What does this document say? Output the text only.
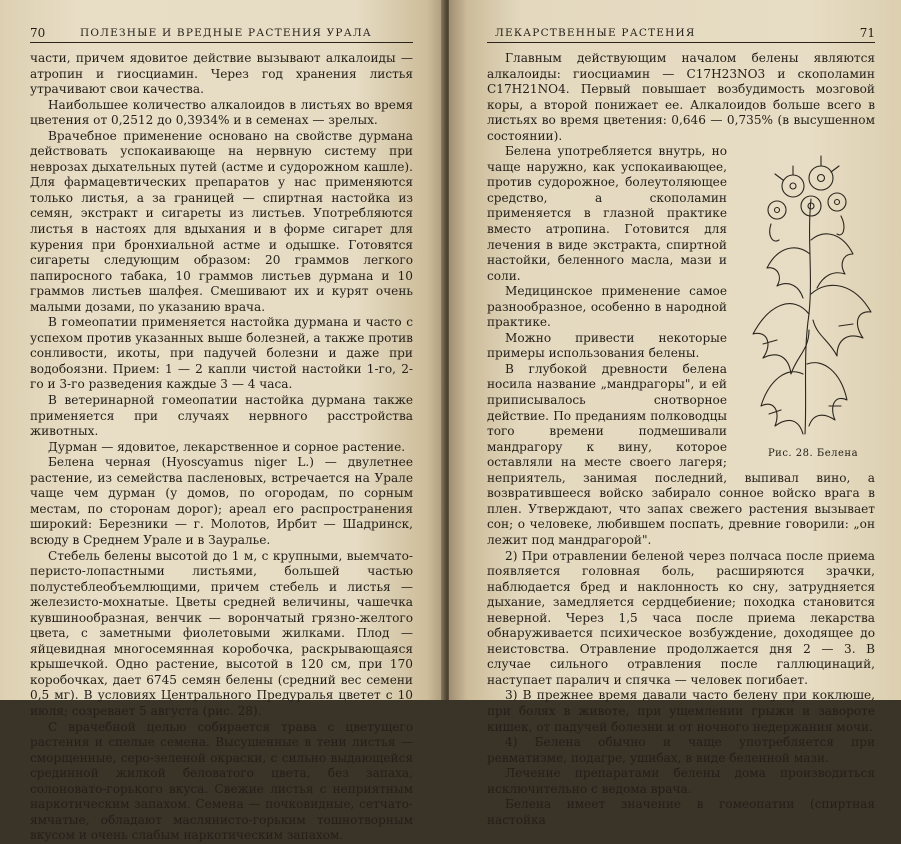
70	ПОЛЕЗНЫЕ И ВРЕДНЫЕ РАСТЕНИЯ УРАЛА

части, причем ядовитое действие вызывают алкалоиды — атропин и гиосциамин. Через год хранения листья утрачивают свои качества.

Наибольшее количество алкалоидов в листьях во время цветения от 0,2512 до 0,3934% и в семенах — зрелых.

Врачебное применение основано на свойстве дурмана действовать успокаивающе на нервную систему при неврозах дыхательных путей (астме и судорожном кашле). Для фармацевтических препаратов у нас применяются только листья, а за границей — спиртная настойка из семян, экстракт и сигареты из листьев. Употребляются листья в настоях для вдыхания и в форме сигарет для курения при бронхиальной астме и одышке. Готовятся сигареты следующим образом: 20 граммов легкого папиросного табака, 10 граммов листьев дурмана и 10 граммов листьев шалфея. Смешивают их и курят очень малыми дозами, по указанию врача.

В гомеопатии применяется настойка дурмана и часто с успехом против указанных выше болезней, а также против сонливости, икоты, при падучей болезни и даже при водобоязни. Прием: 1 — 2 капли чистой настойки 1-го, 2-го и 3-го разведения каждые 3 — 4 часа.

В ветеринарной гомеопатии настойка дурмана также применяется при случаях нервного расстройства животных.

Дурман — ядовитое, лекарственное и сорное растение.

Белена черная (Hyoscyamus niger L.) — двулетнее растение, из семейства пасленовых, встречается на Урале чаще чем дурман (у домов, по огородам, по сорным местам, по сторонам дорог); ареал его распространения широкий: Березники — г. Молотов, Ирбит — Шадринск, всюду в Среднем Урале и в Зауралье.

Стебель белены высотой до 1 м, с крупными, выемчато-перисто-лопастными листьями, большей частью полустеблеобъемлющими, причем стебель и листья — железисто-мохнатые. Цветы средней величины, чашечка кувшинообразная, венчик — ворончатый грязно-желтого цвета, с заметными фиолетовыми жилками. Плод — яйцевидная многосемянная коробочка, раскрывающаяся крышечкой. Одно растение, высотой в 120 см, при 170 коробочках, дает 6745 семян белены (средний вес семени 0,5 мг). В условиях Центрального Предуралья цветет с 10 июля; созревает 5 августа (рис. 28).

С врачебной целью собирается трава с цветущего растения и спелые семена. Высушенные в тени листья — сморщенные, серо-зеленой окраски, с сильно выдающейся срединной жилкой беловатого цвета, без запаха, солоновато-горького вкуса. Свежие листья с неприятным наркотическим запахом. Семена — почковидные, сетчато-ямчатые, обладают маслянисто-горьким тошнотворным вкусом и очень слабым наркотическим запахом.

ЛЕКАРСТВЕННЫЕ РАСТЕНИЯ	71

Главным действующим началом белены являются алкалоиды: гиосциамин — C17H23NO3 и скополамин C17H21NO4. Первый повышает возбудимость мозговой коры, а второй понижает ее. Алкалоидов больше всего в листьях во время цветения: 0,646 — 0,735% (в высушенном состоянии).

Рис. 28. Белена

Белена употребляется внутрь, но чаще наружно, как успокаивающее, против судорожное, болеутоляющее средство, а скополамин применяется в глазной практике вместо атропина. Готовится для лечения в виде экстракта, спиртной настойки, беленного масла, мази и соли.

Медицинское применение самое разнообразное, особенно в народной практике.

Можно привести некоторые примеры использования белены.

В глубокой древности белена носила название „мандрагоры", и ей приписывалось снотворное действие. По преданиям полководцы того времени подмешивали мандрагору к вину, которое оставляли на месте своего лагеря; неприятель, занимая последний, выпивал вино, а возвратившееся войско забирало сонное войско врага в плен. Утверждают, что запах свежего растения вызывает сон; о человеке, любившем поспать, древние говорили: „он лежит под мандрагорой".

2) При отравлении беленой через полчаса после приема появляется головная боль, расширяются зрачки, наблюдается бред и наклонность ко сну, затрудняется дыхание, замедляется сердцебиение; походка становится неверной. Через 1,5 часа после приема лекарства обнаруживается психическое возбуждение, доходящее до неистовства. Отравление продолжается дня 2 — 3. В случае сильного отравления после галлюцинаций, наступает паралич и спячка — человек погибает.

3) В прежнее время давали часто белену при коклюше, при болях в животе, при ущемлении грыжи и завороте кишек, от падучей болезни и от ночного недержания мочи.

4) Белена обычно и чаще употребляется при ревматизме, подагре, ушибах, в виде беленной мази.

Лечение препаратами белены дома производиться исключительно с ведома врача.

Белена имеет значение в гомеопатии (спиртная настойка
